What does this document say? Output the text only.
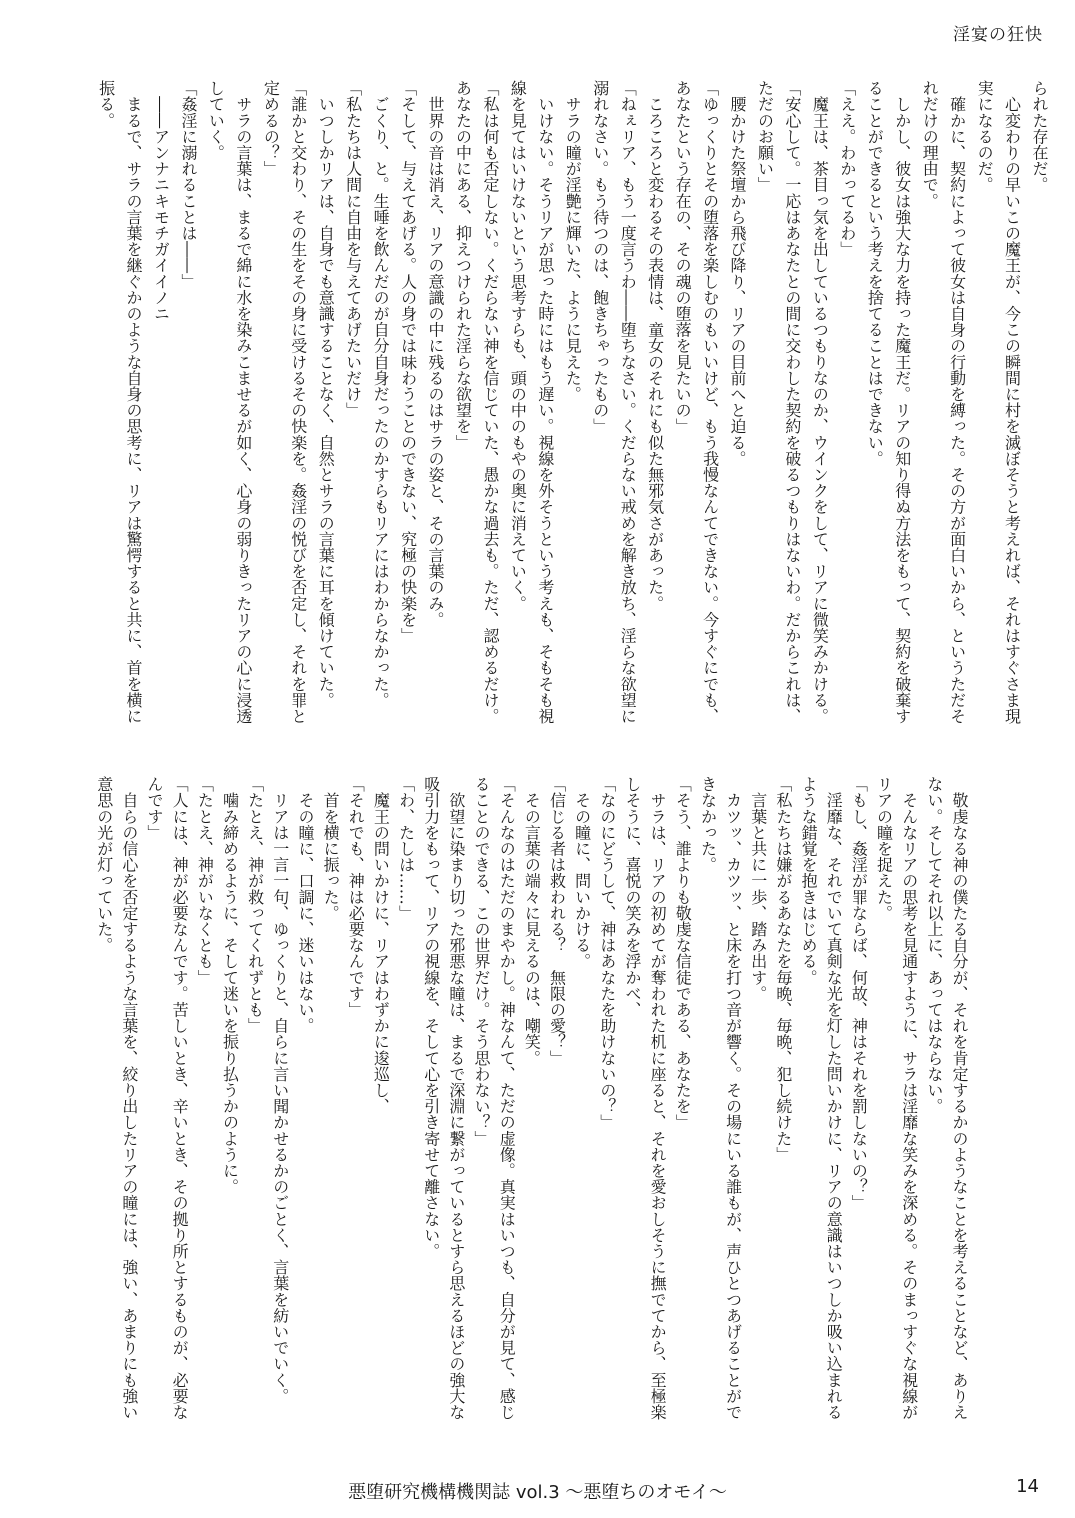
淫宴の狂快
られた存在だ。
　心変わりの早いこの魔王が、今この瞬間に村を滅ぼそうと考えれば、それはすぐさま現
実になるのだ。
　確かに、契約によって彼女は自身の行動を縛った。その方が面白いから、というただそ
れだけの理由で。
　しかし、彼女は強大な力を持った魔王だ。リアの知り得ぬ方法をもって、契約を破棄す
ることができるという考えを捨てることはできない。
「ええ。わかってるわ」
　魔王は、茶目っ気を出しているつもりなのか、ウインクをして、リアに微笑みかける。
「安心して。一応はあなたとの間に交わした契約を破るつもりはないわ。だからこれは、
ただのお願い」
　腰かけた祭壇から飛び降り、リアの目前へと迫る。
「ゆっくりとその堕落を楽しむのもいいけど、もう我慢なんてできない。今すぐにでも、
あなたという存在の、その魂の堕落を見たいの」
　ころころと変わるその表情は、童女のそれにも似た無邪気さがあった。
「ねぇリア、もう一度言うわ――堕ちなさい。くだらない戒めを解き放ち、淫らな欲望に
溺れなさい。もう待つのは、飽きちゃったもの」
　サラの瞳が淫艶に輝いた、ように見えた。
　いけない。そうリアが思った時にはもう遅い。視線を外そうという考えも、そもそも視
線を見てはいけないという思考すらも、頭の中のもやの奥に消えていく。
「私は何も否定しない。くだらない神を信じていた、愚かな過去も。ただ、認めるだけ。
あなたの中にある、抑えつけられた淫らな欲望を」
　世界の音は消え、リアの意識の中に残るのはサラの姿と、その言葉のみ。
「そして、与えてあげる。人の身では味わうことのできない、究極の快楽を」
　ごくり、と。生唾を飲んだのが自分自身だったのかすらもリアにはわからなかった。
「私たちは人間に自由を与えてあげたいだけ」
　いつしかリアは、自身でも意識することなく、自然とサラの言葉に耳を傾けていた。
「誰かと交わり、その生をその身に受けるその快楽を。姦淫の悦びを否定し、それを罪と
定めるの？」
　サラの言葉は、まるで綿に水を染みこませるが如く、心身の弱りきったリアの心に浸透
していく。
「姦淫に溺れることは――」
　――アンナニキモチガイイノニ
　まるで、サラの言葉を継ぐかのような自身の思考に、リアは驚愕すると共に、首を横に
振る。
　敬虔なる神の僕たる自分が、それを肯定するかのようなことを考えることなど、ありえ
ない。そしてそれ以上に、あってはならない。
　そんなリアの思考を見通すように、サラは淫靡な笑みを深める。そのまっすぐな視線が
リアの瞳を捉えた。
「もし、姦淫が罪ならば、何故、神はそれを罰しないの？」
　淫靡な、それでいて真剣な光を灯した問いかけに、リアの意識はいつしか吸い込まれる
ような錯覚を抱きはじめる。
「私たちは嫌がるあなたを毎晩、毎晩、犯し続けた」
　言葉と共に一歩、踏み出す。
　カツッ、カツッ、と床を打つ音が響く。その場にいる誰もが、声ひとつあげることがで
きなかった。
「そう、誰よりも敬虔な信徒である、あなたを」
　サラは、リアの初めてが奪われた机に座ると、それを愛おしそうに撫でてから、至極楽
しそうに、喜悦の笑みを浮かべ、
「なのにどうして、神はあなたを助けないの？」
　その瞳に、問いかける。
「信じる者は救われる？　無限の愛？」
　その言葉の端々に見えるのは、嘲笑。
「そんなのはただのまやかし。神なんて、ただの虚像。真実はいつも、自分が見て、感じ
ることのできる、この世界だけ。そう思わない？」
　欲望に染まり切った邪悪な瞳は、まるで深淵に繋がっているとすら思えるほどの強大な
吸引力をもって、リアの視線を、そして心を引き寄せて離さない。
「わ、たしは……」
　魔王の問いかけに、リアはわずかに逡巡し、
「それでも、神は必要なんです」
　首を横に振った。
　その瞳に、口調に、迷いはない。
　リアは一言一句、ゆっくりと、自らに言い聞かせるかのごとく、言葉を紡いでいく。
「たとえ、神が救ってくれずとも」
　噛み締めるように、そして迷いを振り払うかのように。
「たとえ、神がいなくとも」
「人には、神が必要なんです。苦しいとき、辛いとき、その拠り所とするものが、必要な
んです」
　自らの信心を否定するような言葉を、絞り出したリアの瞳には、強い、あまりにも強い
意思の光が灯っていた。
悪堕研究機構機関誌 vol.3 ～悪堕ちのオモイ～	14
